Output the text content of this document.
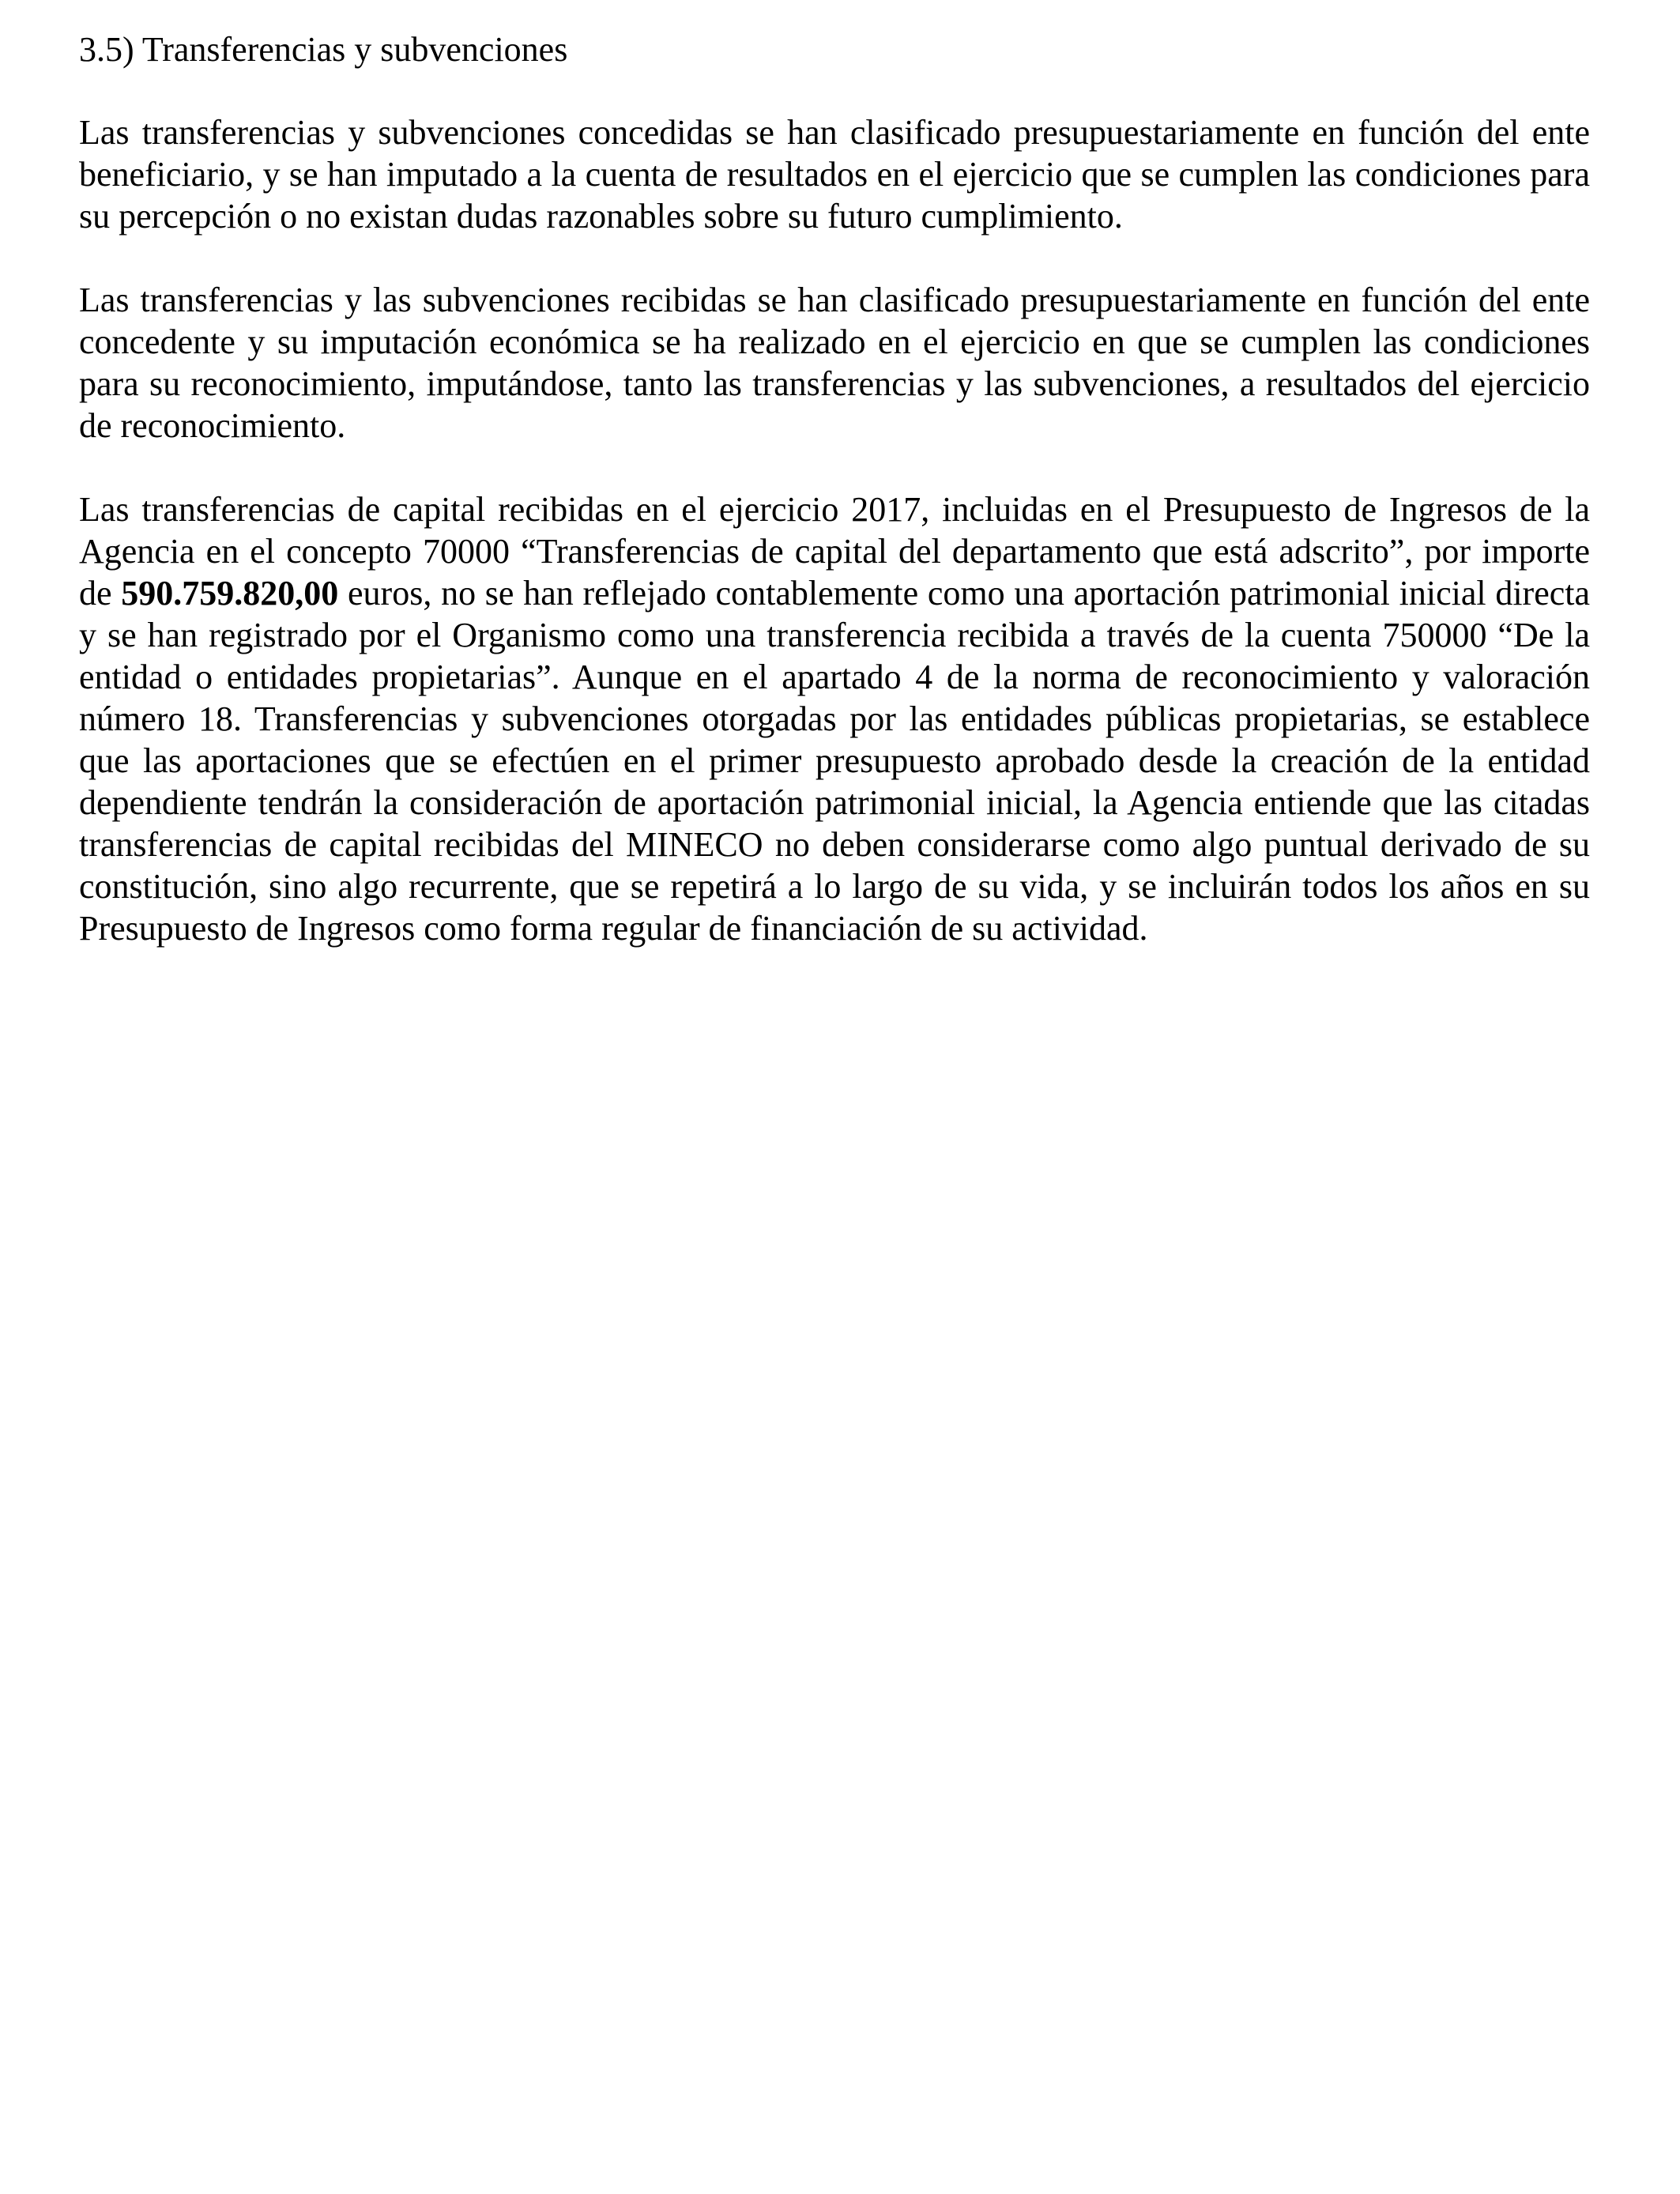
3.5) Transferencias y subvenciones

Las transferencias y subvenciones concedidas se han clasificado presupuestariamente en función del ente beneficiario, y se han imputado a la cuenta de resultados en el ejercicio que se cumplen las condiciones para su percepción o no existan dudas razonables sobre su futuro cumplimiento.

Las transferencias y las subvenciones recibidas se han clasificado presupuestariamente en función del ente concedente y su imputación económica se ha realizado en el ejercicio en que se cumplen las condiciones para su reconocimiento, imputándose, tanto las transferencias y las subvenciones, a resultados del ejercicio de reconocimiento.

Las transferencias de capital recibidas en el ejercicio 2017, incluidas en el Presupuesto de Ingresos de la Agencia en el concepto 70000 “Transferencias de capital del departamento que está adscrito”, por importe de 590.759.820,00 euros, no se han reflejado contablemente como una aportación patrimonial inicial directa y se han registrado por el Organismo como una transferencia recibida a través de la cuenta 750000 “De la entidad o entidades propietarias”. Aunque en el apartado 4 de la norma de reconocimiento y valoración número 18. Transferencias y subvenciones otorgadas por las entidades públicas propietarias, se establece que las aportaciones que se efectúen en el primer presupuesto aprobado desde la creación de la entidad dependiente tendrán la consideración de aportación patrimonial inicial, la Agencia entiende que las citadas transferencias de capital recibidas del MINECO no deben considerarse como algo puntual derivado de su constitución, sino algo recurrente, que se repetirá a lo largo de su vida, y se incluirán todos los años en su Presupuesto de Ingresos como forma regular de financiación de su actividad.
